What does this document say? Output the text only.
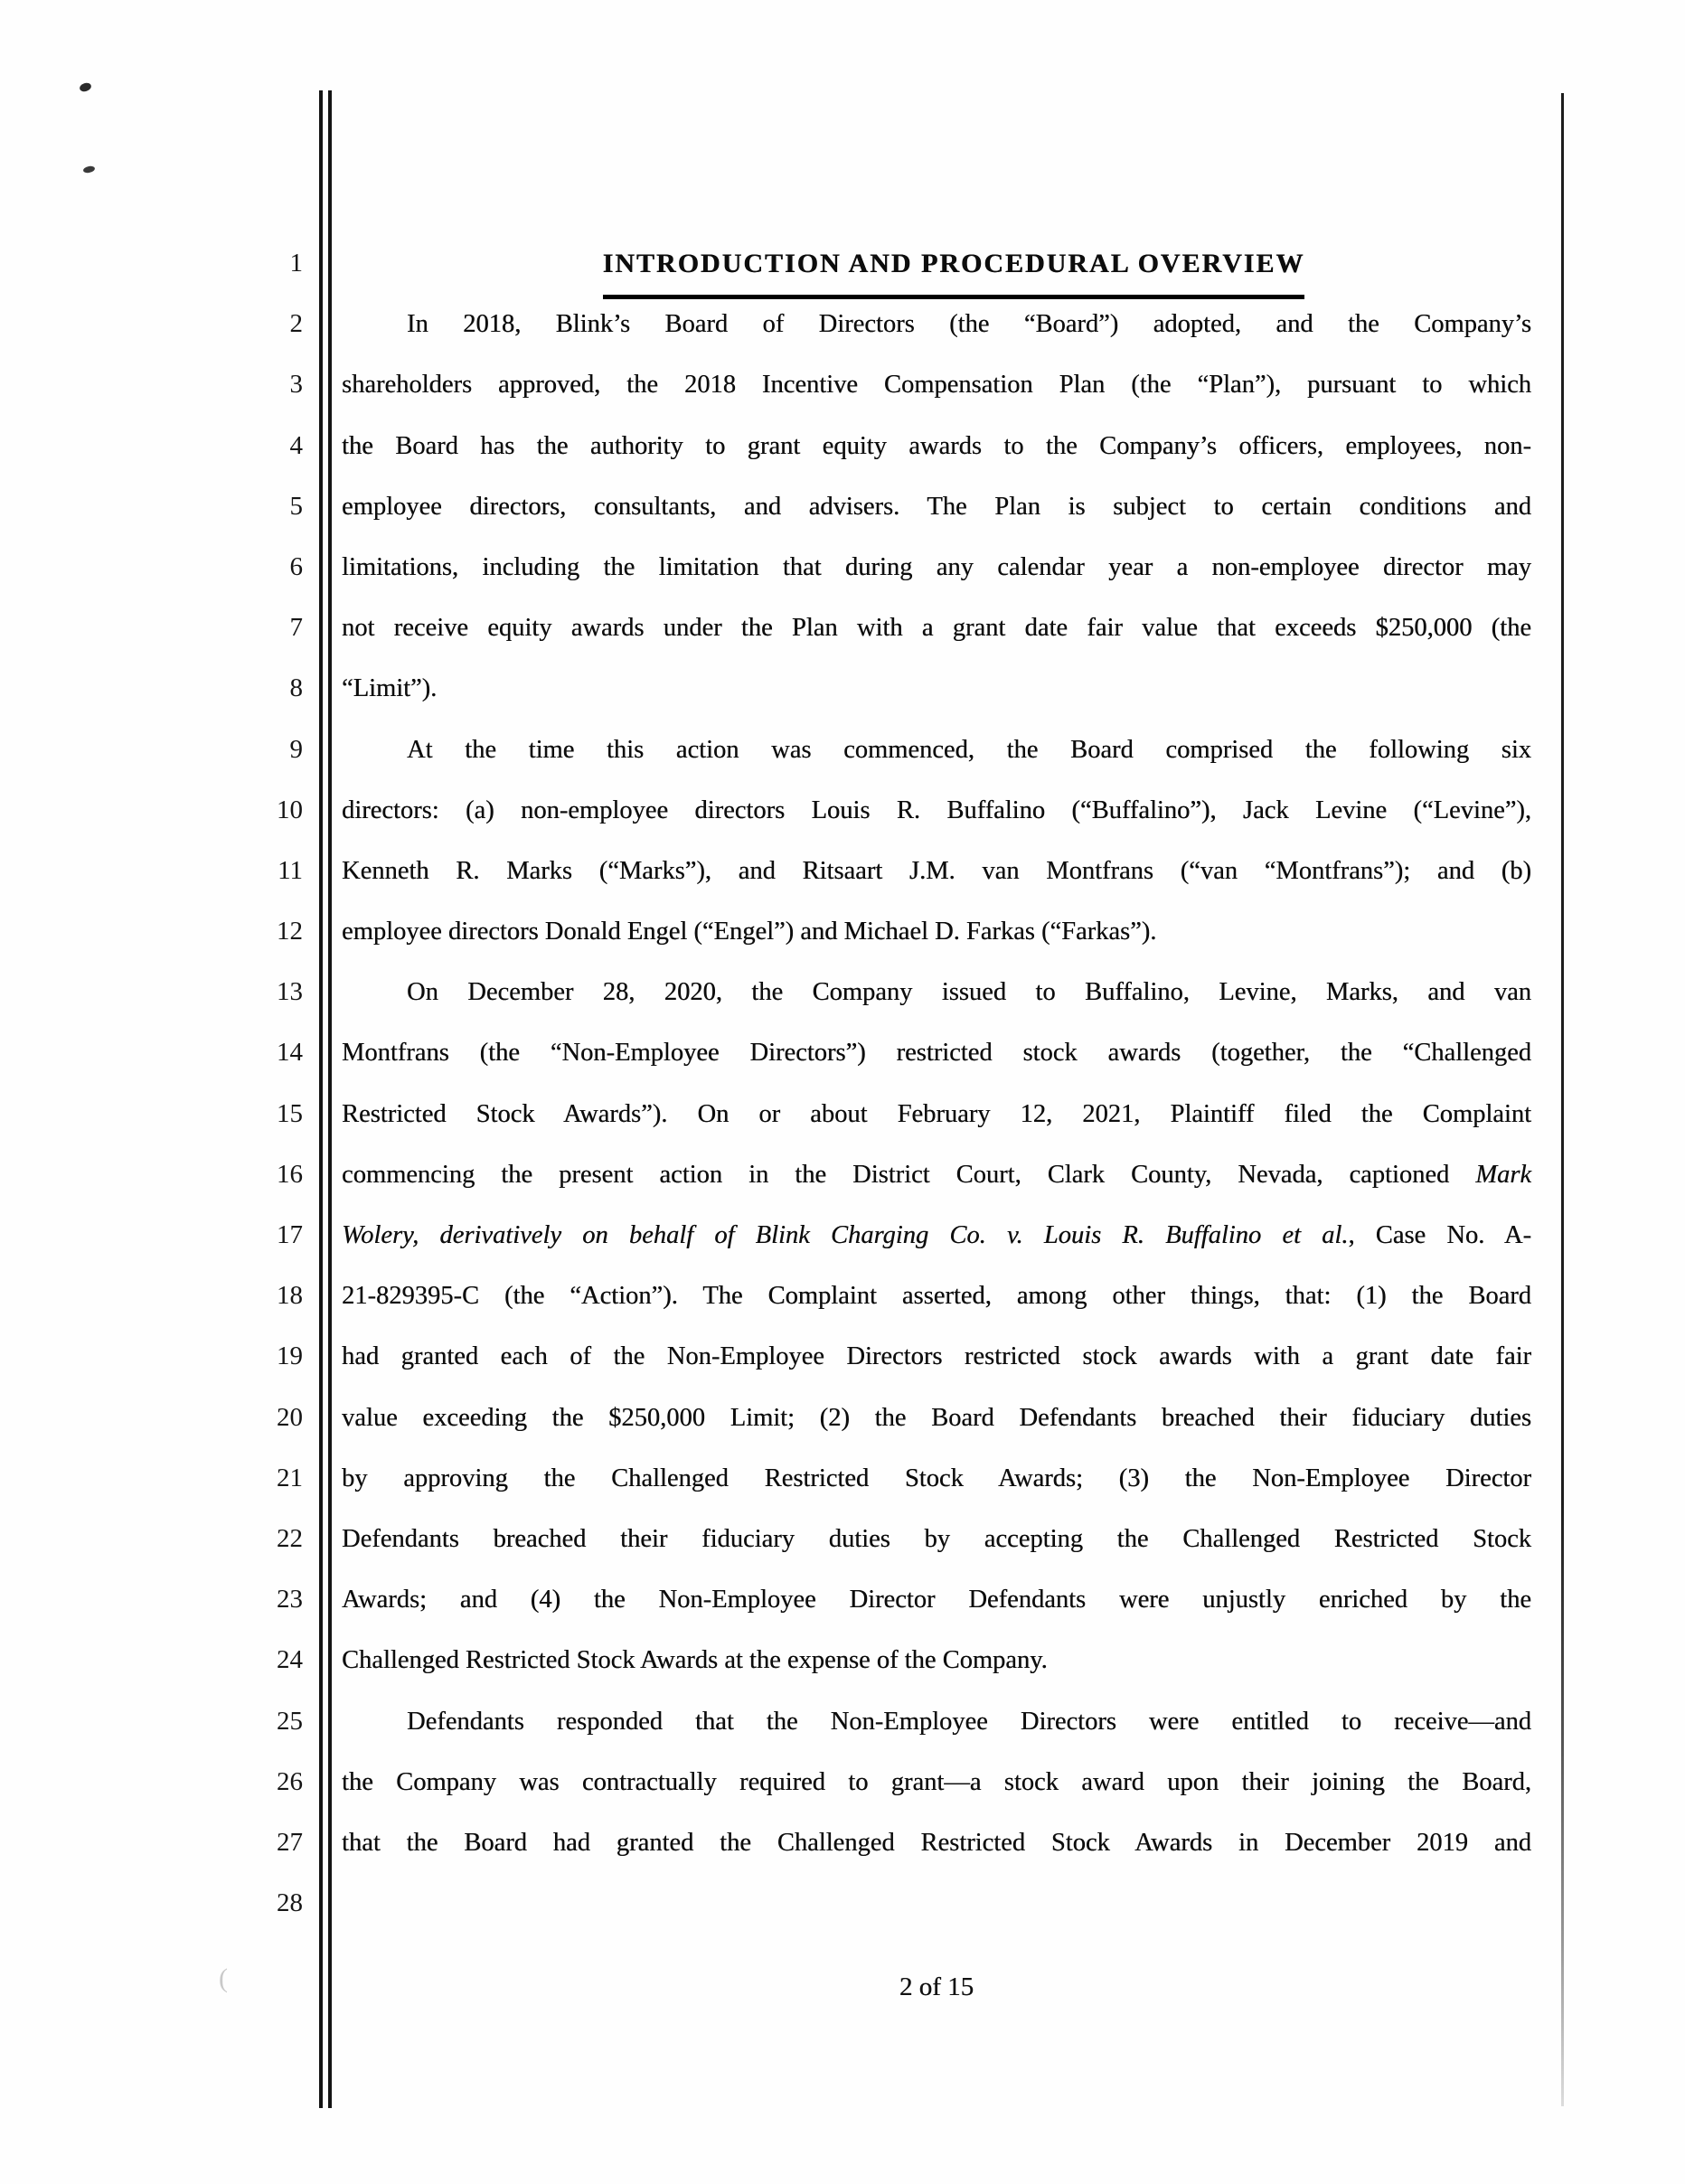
(
1	INTRODUCTION AND PROCEDURAL OVERVIEW
2	In 2018, Blink’s Board of Directors (the “Board”) adopted, and the Company’s
3 shareholders approved, the 2018 Incentive Compensation Plan (the “Plan”), pursuant to which
4 the Board has the authority to grant equity awards to the Company’s officers, employees, non-
5 employee directors, consultants, and advisers. The Plan is subject to certain conditions and
6 limitations, including the limitation that during any calendar year a non-employee director may
7 not receive equity awards under the Plan with a grant date fair value that exceeds $250,000 (the
8 “Limit”).
9	At the time this action was commenced, the Board comprised the following six
10 directors: (a) non-employee directors Louis R. Buffalino (“Buffalino”), Jack Levine (“Levine”),
11 Kenneth R. Marks (“Marks”), and Ritsaart J.M. van Montfrans (“van “Montfrans”); and (b)
12 employee directors Donald Engel (“Engel”) and Michael D. Farkas (“Farkas”).
13	On December 28, 2020, the Company issued to Buffalino, Levine, Marks, and van
14 Montfrans (the “Non-Employee Directors”) restricted stock awards (together, the “Challenged
15 Restricted Stock Awards”). On or about February 12, 2021, Plaintiff filed the Complaint
16 commencing the present action in the District Court, Clark County, Nevada, captioned Mark
17 Wolery, derivatively on behalf of Blink Charging Co. v. Louis R. Buffalino et al., Case No. A-
18 21-829395-C (the “Action”). The Complaint asserted, among other things, that: (1) the Board
19 had granted each of the Non-Employee Directors restricted stock awards with a grant date fair
20 value exceeding the $250,000 Limit; (2) the Board Defendants breached their fiduciary duties
21 by approving the Challenged Restricted Stock Awards; (3) the Non-Employee Director
22 Defendants breached their fiduciary duties by accepting the Challenged Restricted Stock
23 Awards; and (4) the Non-Employee Director Defendants were unjustly enriched by the
24 Challenged Restricted Stock Awards at the expense of the Company.
25	Defendants responded that the Non-Employee Directors were entitled to receive—and
26 the Company was contractually required to grant—a stock award upon their joining the Board,
27 that the Board had granted the Challenged Restricted Stock Awards in December 2019 and
28
2 of 15
